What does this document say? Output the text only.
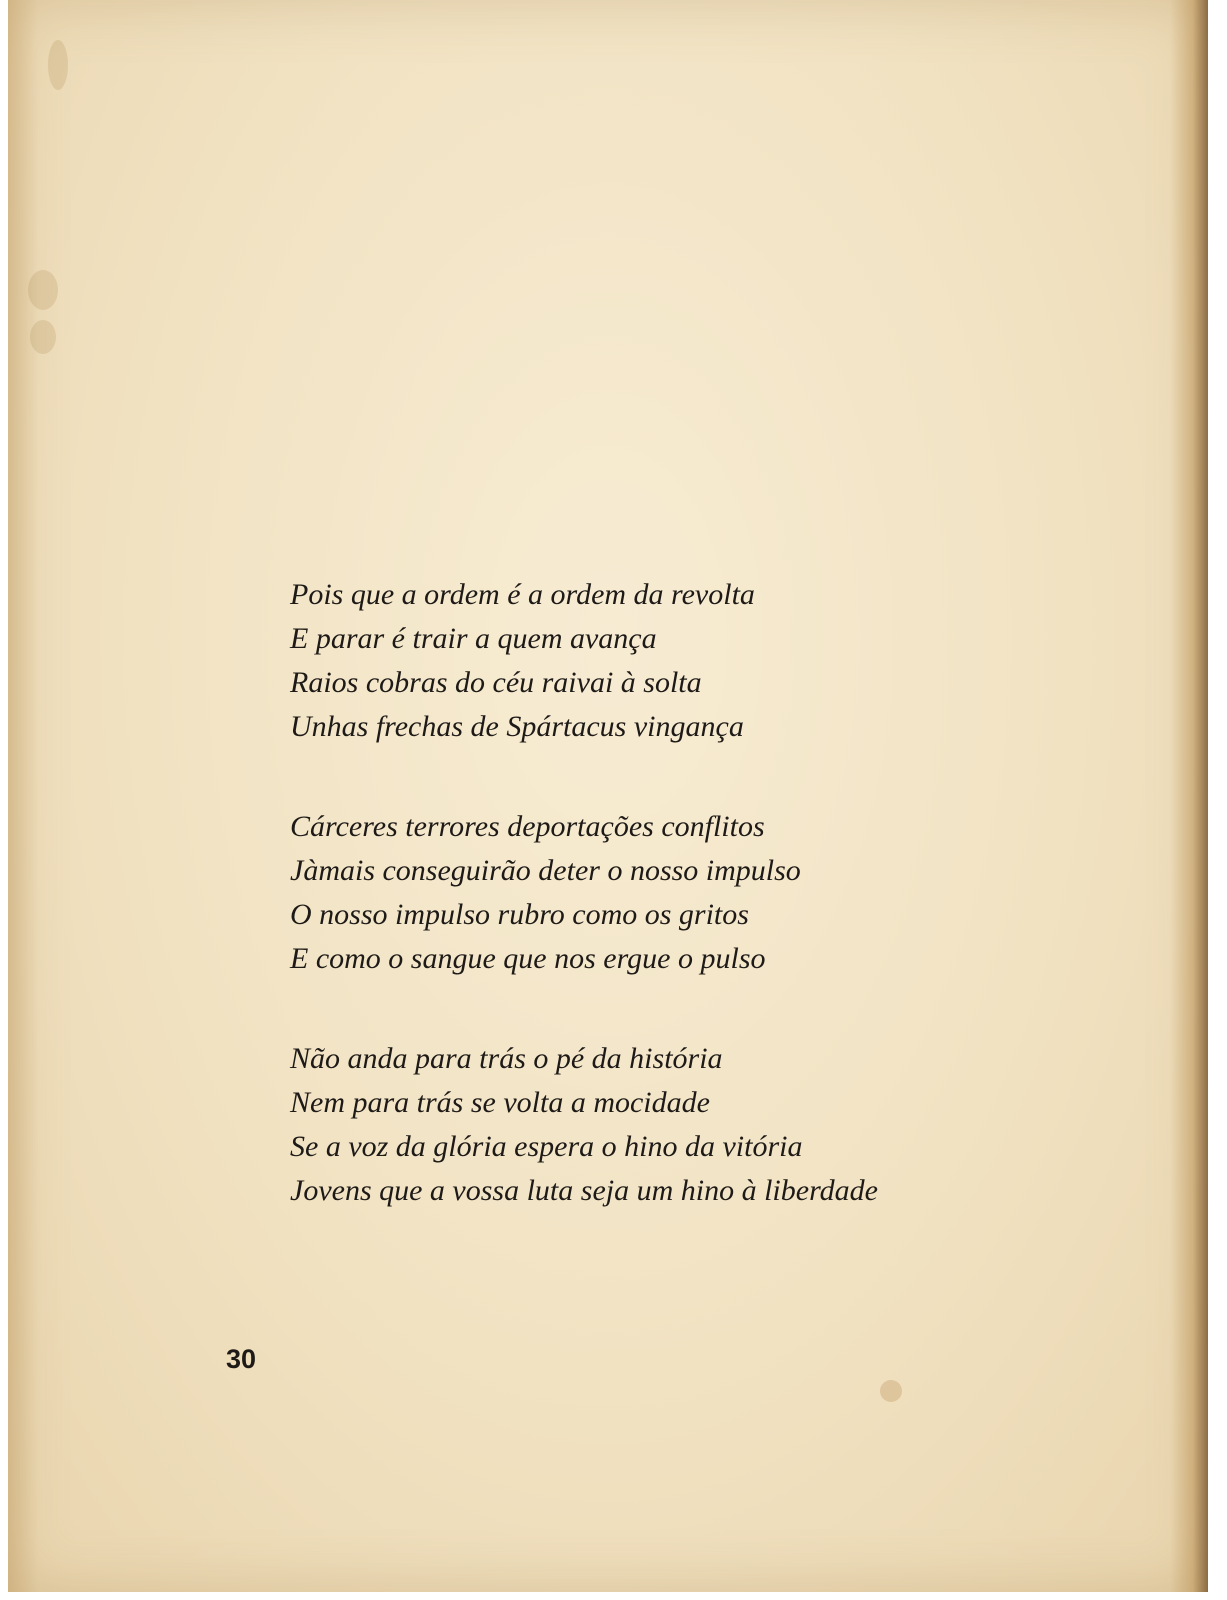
Pois que a ordem é a ordem da revolta
E parar é trair a quem avança
Raios cobras do céu raivai à solta
Unhas frechas de Spártacus vingança
Cárceres terrores deportações conflitos
Jàmais conseguirão deter o nosso impulso
O nosso impulso rubro como os gritos
E como o sangue que nos ergue o pulso
Não anda para trás o pé da história
Nem para trás se volta a mocidade
Se a voz da glória espera o hino da vitória
Jovens que a vossa luta seja um hino à liberdade
30
